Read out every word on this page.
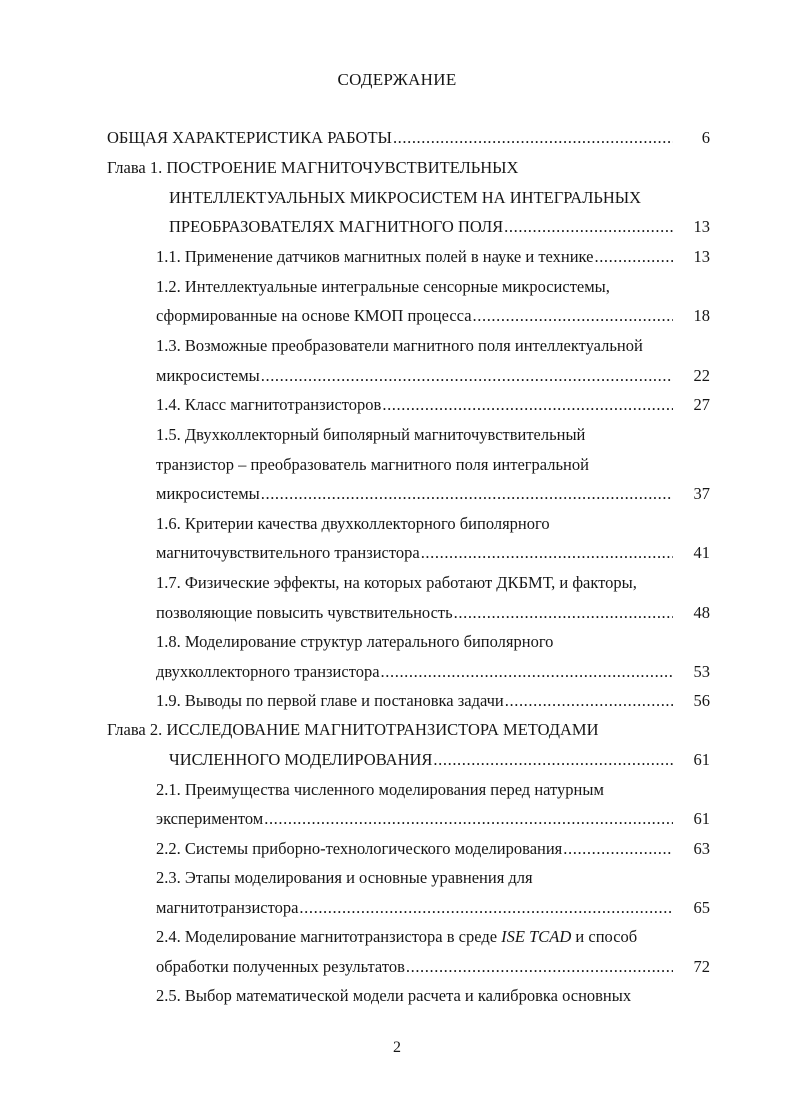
СОДЕРЖАНИЕ
ОБЩАЯ ХАРАКТЕРИСТИКА РАБОТЫ .....	6
Глава 1. ПОСТРОЕНИЕ МАГНИТОЧУВСТВИТЕЛЬНЫХ
ИНТЕЛЛЕКТУАЛЬНЫХ МИКРОСИСТЕМ НА ИНТЕГРАЛЬНЫХ
ПРЕОБРАЗОВАТЕЛЯХ МАГНИТНОГО ПОЛЯ .....	13
1.1. Применение датчиков магнитных полей в науке и технике .....	13
1.2. Интеллектуальные интегральные сенсорные микросистемы,
сформированные на основе КМОП процесса .....	18
1.3. Возможные преобразователи магнитного поля интеллектуальной
микросистемы .....	22
1.4. Класс магнитотранзисторов .....	27
1.5. Двухколлекторный биполярный магниточувствительный
транзистор – преобразователь магнитного поля интегральной
микросистемы .....	37
1.6. Критерии качества двухколлекторного биполярного
магниточувствительного транзистора .....	41
1.7. Физические эффекты, на которых работают ДКБМТ, и факторы,
позволяющие повысить чувствительность .....	48
1.8. Моделирование структур латерального биполярного
двухколлекторного транзистора .....	53
1.9. Выводы по первой главе и постановка задачи .....	56
Глава 2. ИССЛЕДОВАНИЕ МАГНИТОТРАНЗИСТОРА МЕТОДАМИ
ЧИСЛЕННОГО МОДЕЛИРОВАНИЯ .....	61
2.1. Преимущества численного моделирования перед натурным
экспериментом .....	61
2.2. Системы приборно-технологического моделирования .....	63
2.3. Этапы моделирования и основные уравнения для
магнитотранзистора .....	65
2.4. Моделирование магнитотранзистора в среде ISE TCAD и способ
обработки полученных результатов .....	72
2.5. Выбор математической модели расчета и калибровка основных
2
